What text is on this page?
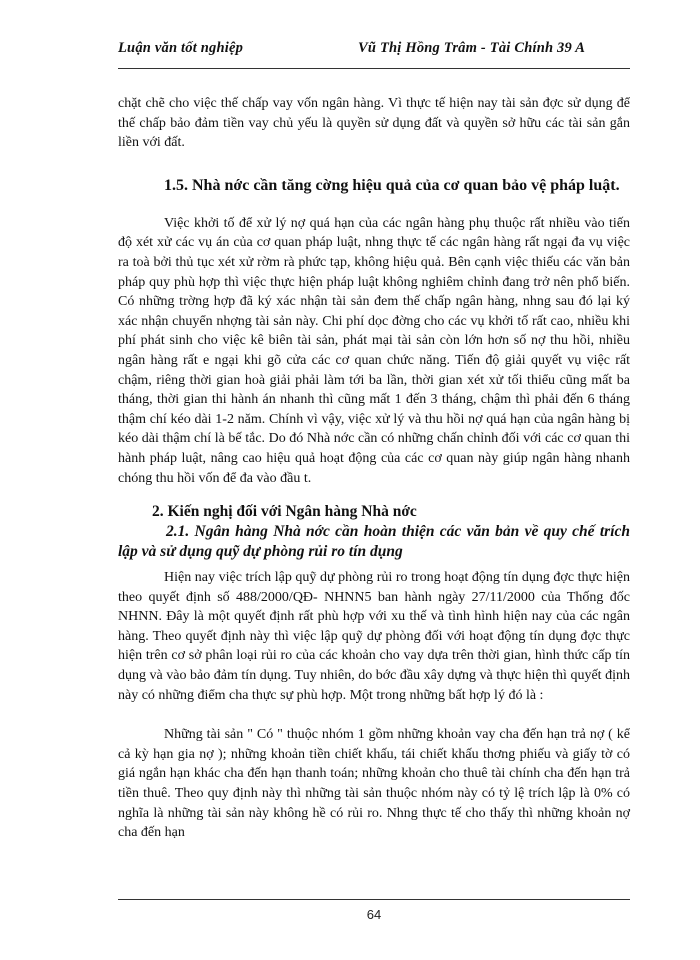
Luận văn tốt nghiệp	Vũ Thị Hồng Trâm - Tài Chính 39 A

chặt chẽ cho việc thế chấp vay vốn ngân hàng. Vì thực tế hiện nay tài sản đợc sử dụng để thế chấp bảo đảm tiền vay chủ yếu là quyền sử dụng đất và quyền sở hữu các tài sản gắn liền với đất.

1.5. Nhà nớc cần tăng cờng hiệu quả của cơ quan bảo vệ pháp luật.

Việc khởi tố để xử lý nợ quá hạn của các ngân hàng phụ thuộc rất nhiều vào tiến độ xét xử các vụ án của cơ quan pháp luật, nhng thực tế các ngân hàng rất ngại đa vụ việc ra toà bởi thủ tục xét xử rờm rà phức tạp, không hiệu quả. Bên cạnh việc thiếu các văn bản pháp quy phù hợp thì việc thực hiện pháp luật không nghiêm chỉnh đang trở nên phổ biến. Có những trờng hợp đã ký xác nhận tài sản đem thế chấp ngân hàng, nhng sau đó lại ký xác nhận chuyển nhợng tài sản này. Chi phí dọc đờng cho các vụ khởi tố rất cao, nhiều khi phí phát sinh cho việc kê biên tài sản, phát mại tài sản còn lớn hơn số nợ thu hồi, nhiều ngân hàng rất e ngại khi gõ cửa các cơ quan chức năng. Tiến độ giải quyết vụ việc rất chậm, riêng thời gian hoà giải phải làm tới ba lần, thời gian xét xử tối thiểu cũng mất ba tháng, thời gian thi hành án nhanh thì cũng mất 1 đến 3 tháng, chậm thì phải đến 6 tháng thậm chí kéo dài 1-2 năm. Chính vì vậy, việc xử lý và thu hồi nợ quá hạn của ngân hàng bị kéo dài thậm chí là bế tắc. Do đó Nhà nớc cần có những chấn chỉnh đối với các cơ quan thi hành pháp luật, nâng cao hiệu quả hoạt động của các cơ quan này giúp ngân hàng nhanh chóng thu hồi vốn để đa vào đầu t.

2. Kiến nghị đối với Ngân hàng Nhà nớc

2.1. Ngân hàng Nhà nớc cần hoàn thiện các văn bản về quy chế trích lập và sử dụng quỹ dự phòng rủi ro tín dụng

Hiện nay việc trích lập quỹ dự phòng rủi ro trong hoạt động tín dụng đợc thực hiện theo quyết định số 488/2000/QĐ- NHNN5 ban hành ngày 27/11/2000 của Thống đốc NHNN. Đây là một quyết định rất phù hợp với xu thế và tình hình hiện nay của các ngân hàng. Theo quyết định này thì việc lập quỹ dự phòng đối với hoạt động tín dụng đợc thực hiện trên cơ sở phân loại rủi ro của các khoản cho vay dựa trên thời gian, hình thức cấp tín dụng và vào bảo đảm tín dụng. Tuy nhiên, do bớc đầu xây dựng và thực hiện thì quyết định này có những điểm cha thực sự phù hợp. Một trong những bất hợp lý đó là :

Những tài sản " Có " thuộc nhóm 1 gồm những khoản vay cha đến hạn trả nợ ( kể cả kỳ hạn gia nợ ); những khoản tiền chiết khấu, tái chiết khấu thơng phiếu và giấy tờ có giá ngắn hạn khác cha đến hạn thanh toán; những khoản cho thuê tài chính cha đến hạn trả tiền thuê. Theo quy định này thì những tài sản thuộc nhóm này có tỷ lệ trích lập là 0% có nghĩa là những tài sản này không hề có rủi ro. Nhng thực tế cho thấy thì những khoản nợ cha đến hạn

64
